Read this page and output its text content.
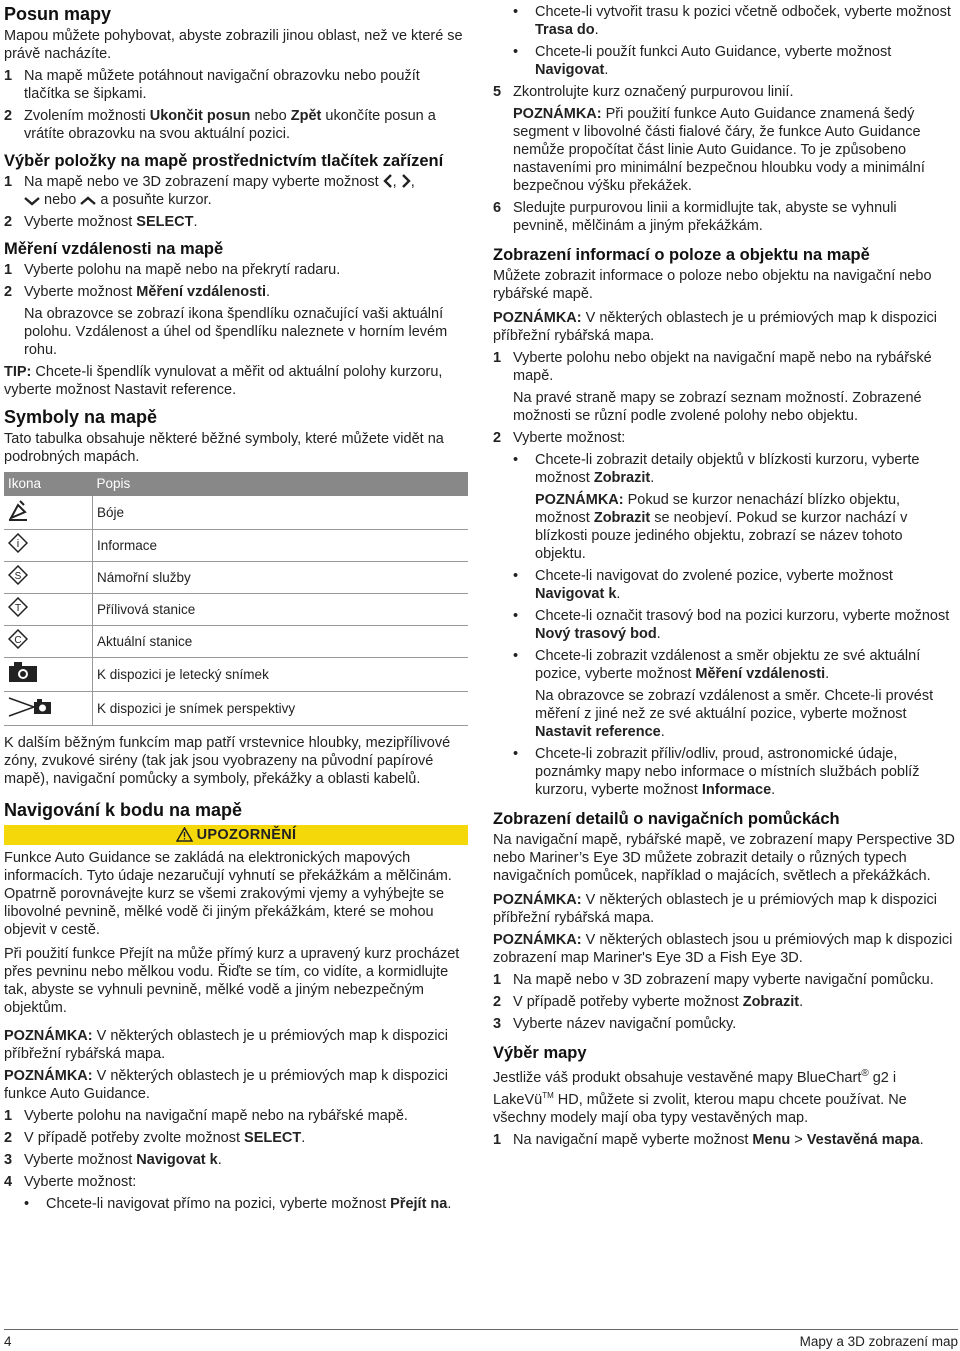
Posun mapy

Mapou můžete pohybovat, abyste zobrazili jinou oblast, než ve které se právě nacházíte.

1 Na mapě můžete potáhnout navigační obrazovku nebo použít tlačítka se šipkami.
2 Zvolením možnosti Ukončit posun nebo Zpět ukončíte posun a vrátíte obrazovku na svou aktuální pozici.
Výběr položky na mapě prostřednictvím tlačítek zařízení
1 Na mapě nebo ve 3D zobrazení mapy vyberte možnost , ,
nebo a posuňte kurzor.
2 Vyberte možnost SELECT.
Měření vzdálenosti na mapě
1 Vyberte polohu na mapě nebo na překrytí radaru.
2 Vyberte možnost Měření vzdálenosti.

Na obrazovce se zobrazí ikona špendlíku označující vaši aktuální polohu. Vzdálenost a úhel od špendlíku naleznete v horním levém rohu.

TIP: Chcete-li špendlík vynulovat a měřit od aktuální polohy kurzoru, vyberte možnost Nastavit reference.

Symboly na mapě

Tato tabulka obsahuje některé běžné symboly, které můžete vidět na podrobných mapách.

Ikona	Popis
	Bóje

i	Informace

S	Námořní služby

T	Přílivová stanice

C	Aktuální stanice
	K dispozici je letecký snímek
	K dispozici je snímek perspektivy

K dalším běžným funkcím map patří vrstevnice hloubky, mezipřílivové zóny, zvukové sirény (tak jak jsou vyobrazeny na původní papírové mapě), navigační pomůcky a symboly, překážky a oblasti kabelů.

Navigování k bodu na mapě
UPOZORNĚNÍ

Funkce Auto Guidance se zakládá na elektronických mapových informacích. Tyto údaje nezaručují vyhnutí se překážkám a mělčinám. Opatrně porovnávejte kurz se všemi zrakovými vjemy a vyhýbejte se libovolné pevnině, mělké vodě či jiným překážkám, které se mohou objevit v cestě.

Při použití funkce Přejít na může přímý kurz a upravený kurz procházet přes pevninu nebo mělkou vodu. Řiďte se tím, co vidíte, a kormidlujte tak, abyste se vyhnuli pevnině, mělké vodě a jiným nebezpečným objektům.

POZNÁMKA: V některých oblastech je u prémiových map k dispozici příbřežní rybářská mapa.

POZNÁMKA: V některých oblastech je u prémiových map k dispozici funkce Auto Guidance.

1 Vyberte polohu na navigační mapě nebo na rybářské mapě.
2 V případě potřeby zvolte možnost SELECT.
3 Vyberte možnost Navigovat k.
4 Vyberte možnost:
•	Chcete-li navigovat přímo na pozici, vyberte možnost Přejít na.
•	Chcete-li vytvořit trasu k pozici včetně odboček, vyberte možnost Trasa do.
•	Chcete-li použít funkci Auto Guidance, vyberte možnost Navigovat.
5 Zkontrolujte kurz označený purpurovou linií.

POZNÁMKA: Při použití funkce Auto Guidance znamená šedý segment v libovolné části fialové čáry, že funkce Auto Guidance nemůže propočítat část linie Auto Guidance. To je způsobeno nastaveními pro minimální bezpečnou hloubku vody a minimální bezpečnou výšku překážek.

6 Sledujte purpurovou linii a kormidlujte tak, abyste se vyhnuli pevnině, mělčinám a jiným překážkám.
Zobrazení informací o poloze a objektu na mapě

Můžete zobrazit informace o poloze nebo objektu na navigační nebo rybářské mapě.

POZNÁMKA: V některých oblastech je u prémiových map k dispozici příbřežní rybářská mapa.

1 Vyberte polohu nebo objekt na navigační mapě nebo na rybářské mapě.

Na pravé straně mapy se zobrazí seznam možností. Zobrazené možnosti se různí podle zvolené polohy nebo objektu.

2 Vyberte možnost:
•	Chcete-li zobrazit detaily objektů v blízkosti kurzoru, vyberte možnost Zobrazit.

POZNÁMKA: Pokud se kurzor nenachází blízko objektu, možnost Zobrazit se neobjeví. Pokud se kurzor nachází v blízkosti pouze jediného objektu, zobrazí se název tohoto objektu.

•	Chcete-li navigovat do zvolené pozice, vyberte možnost Navigovat k.
•	Chcete-li označit trasový bod na pozici kurzoru, vyberte možnost Nový trasový bod.
•	Chcete-li zobrazit vzdálenost a směr objektu ze své aktuální pozice, vyberte možnost Měření vzdálenosti.

Na obrazovce se zobrazí vzdálenost a směr. Chcete-li provést měření z jiné než ze své aktuální pozice, vyberte možnost Nastavit reference.

•	Chcete-li zobrazit příliv/odliv, proud, astronomické údaje, poznámky mapy nebo informace o místních službách poblíž kurzoru, vyberte možnost Informace.
Zobrazení detailů o navigačních pomůckách

Na navigační mapě, rybářské mapě, ve zobrazení mapy Perspective 3D nebo Mariner’s Eye 3D můžete zobrazit detaily o různých typech navigačních pomůcek, například o majácích, světlech a překážkách.

POZNÁMKA: V některých oblastech je u prémiových map k dispozici příbřežní rybářská mapa.

POZNÁMKA: V některých oblastech jsou u prémiových map k dispozici zobrazení map Mariner's Eye 3D a Fish Eye 3D.

1 Na mapě nebo v 3D zobrazení mapy vyberte navigační pomůcku.
2 V případě potřeby vyberte možnost Zobrazit.
3 Vyberte název navigační pomůcky.
Výběr mapy

Jestliže váš produkt obsahuje vestavěné mapy BlueChart® g2 i LakeVü™ HD, můžete si zvolit, kterou mapu chcete používat. Ne všechny modely mají oba typy vestavěných map.

1 Na navigační mapě vyberte možnost Menu > Vestavěná mapa.
4	Mapy a 3D zobrazení map
